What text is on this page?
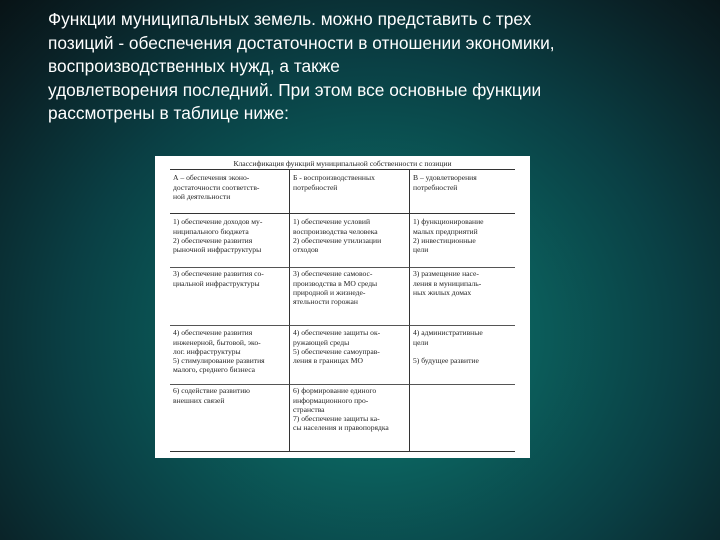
Функции муниципальных земель. можно представить с трех
позиций - обеспечения достаточности в отношении экономики,
воспроизводственных нужд, а также
удовлетворения последний. При этом все основные функции
рассмотрены в таблице ниже:
Классификация функций муниципальной собственности с позиции
А – обеспечения эконо-
достаточности соответств-
ной деятельности
Б - воспроизводственных
потребностей
В – удовлетворения
потребностей
1) обеспечение доходов му-
ниципального бюджета
2) обеспечение развития
рыночной инфраструктуры
1) обеспечение условий
воспроизводства человека
2) обеспечение утилизации
отходов
1) функционирование
малых предприятий
2) инвестиционные
цели
3) обеспечение развития со-
циальной инфраструктуры
3) обеспечение самовос-
производства в МО среды
природной и жизнеде-
ятельности горожан
3) размещение насе-
ления в муниципаль-
ных жилых домах
4) обеспечение развития
инженерной, бытовой, эко-
лог. инфраструктуры
5) стимулирование развития
малого, среднего бизнеса
4) обеспечение защиты ок-
ружающей среды
5) обеспечение самоуправ-
ления в границах МО
4) административные
цели

5) будущее развитие
6) содействие развитию
внешних связей
6) формирование единого
информационного про-
странства
7) обеспечение защиты ка-
сы населения и правопорядка
